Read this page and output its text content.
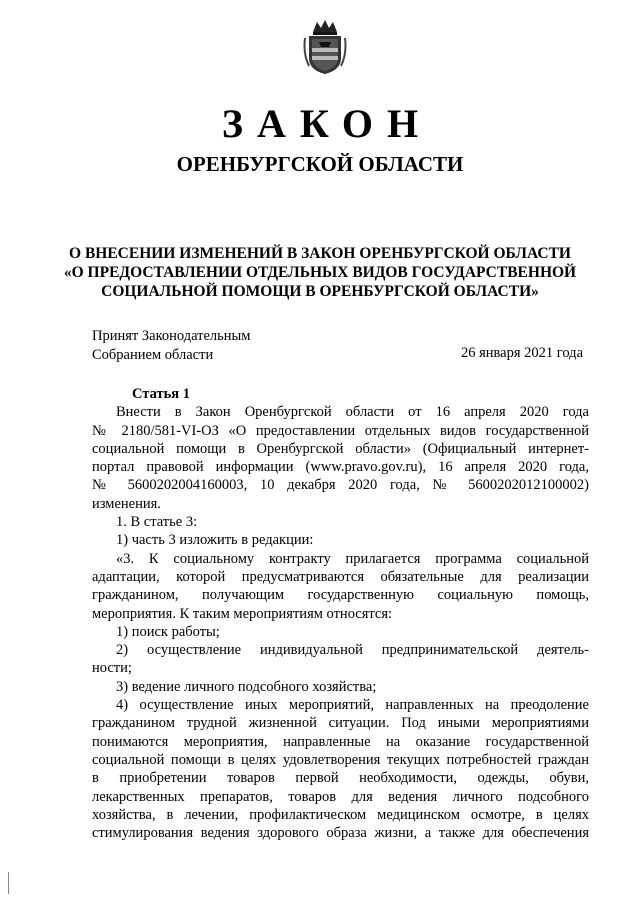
ЗАКОН
ОРЕНБУРГСКОЙ ОБЛАСТИ
О ВНЕСЕНИИ ИЗМЕНЕНИЙ В ЗАКОН ОРЕНБУРГСКОЙ ОБЛАСТИ
«О ПРЕДОСТАВЛЕНИИ ОТДЕЛЬНЫХ ВИДОВ ГОСУДАРСТВЕННОЙ
СОЦИАЛЬНОЙ ПОМОЩИ В ОРЕНБУРГСКОЙ ОБЛАСТИ»
Принят Законодательным
Собранием области	26 января 2021 года
Статья 1
Внести в Закон Оренбургской области от 16 апреля 2020 года
№ 2180/581-VI-ОЗ «О предоставлении отдельных видов государственной
социальной помощи в Оренбургской области» (Официальный интернет-
портал правовой информации (www.pravo.gov.ru), 16 апреля 2020 года,
№ 5600202004160003, 10 декабря 2020 года, № 5600202012100002)
изменения.
1. В статье 3:
1) часть 3 изложить в редакции:
«3. К социальному контракту прилагается программа социальной
адаптации, которой предусматриваются обязательные для реализации
гражданином, получающим государственную социальную помощь,
мероприятия. К таким мероприятиям относятся:
1) поиск работы;
2) осуществление индивидуальной предпринимательской деятель-
ности;
3) ведение личного подсобного хозяйства;
4) осуществление иных мероприятий, направленных на преодоление
гражданином трудной жизненной ситуации. Под иными мероприятиями
понимаются мероприятия, направленные на оказание государственной
социальной помощи в целях удовлетворения текущих потребностей граждан
в приобретении товаров первой необходимости, одежды, обуви,
лекарственных препаратов, товаров для ведения личного подсобного
хозяйства, в лечении, профилактическом медицинском осмотре, в целях
стимулирования ведения здорового образа жизни, а также для обеспечения
